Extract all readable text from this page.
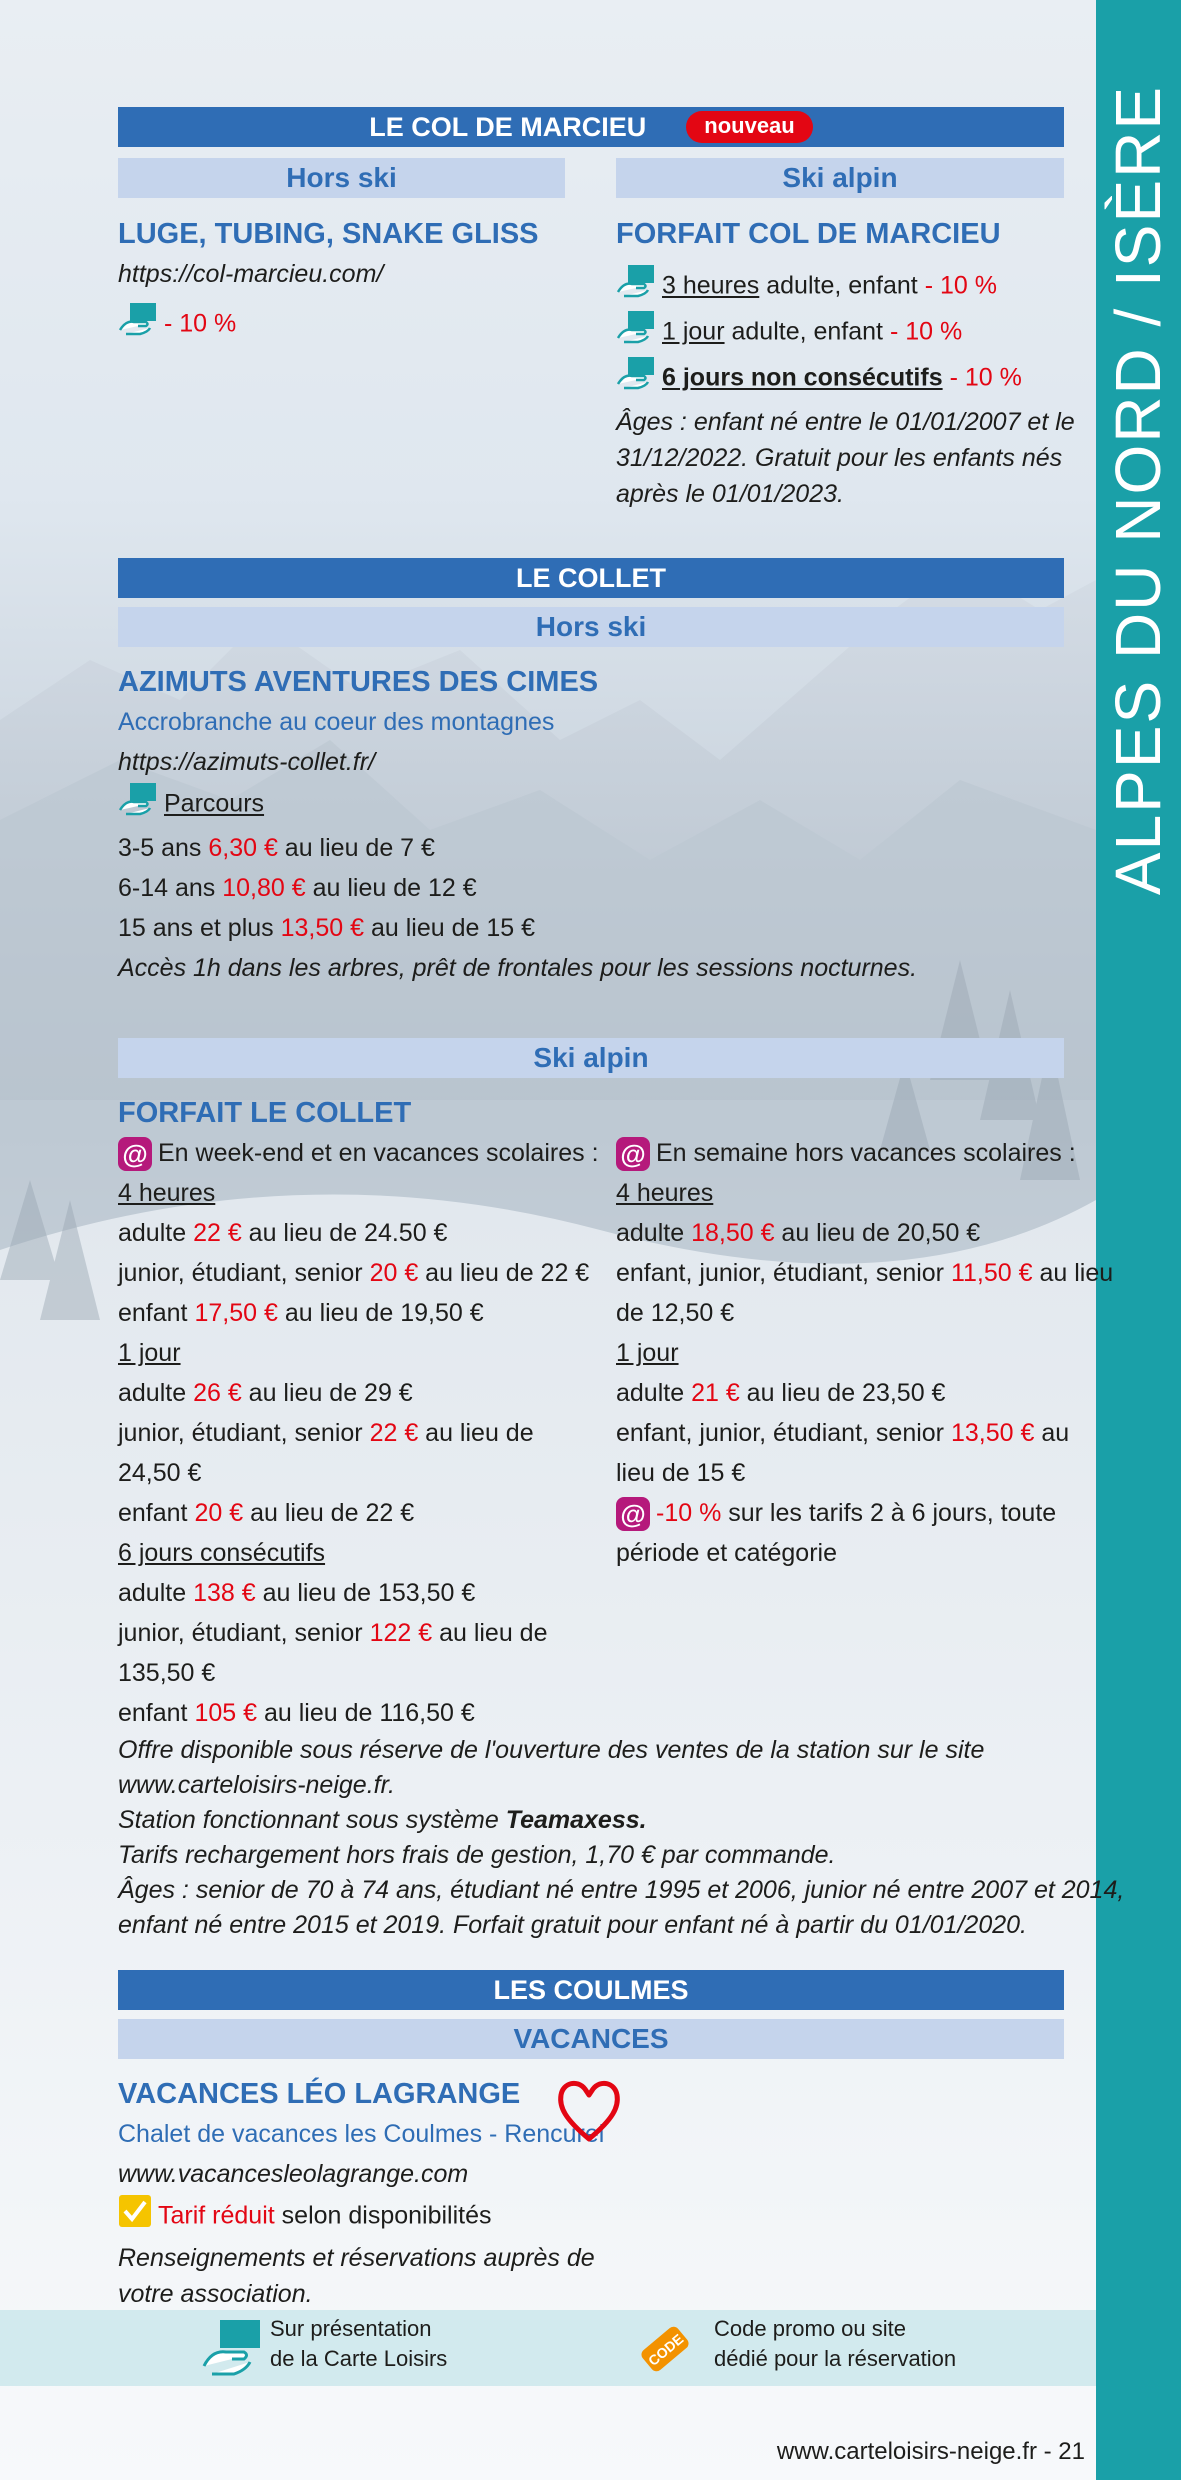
LE COL DE MARCIEU	nouveau
Hors ski	Ski alpin
LUGE, TUBING, SNAKE GLISS
https://col-marcieu.com/
- 10 %
FORFAIT COL DE MARCIEU
3 heures adulte, enfant - 10 %
1 jour adulte, enfant - 10 %
6 jours non consécutifs - 10 %
Âges : enfant né entre le 01/01/2007 et le
31/12/2022. Gratuit pour les enfants nés
après le 01/01/2023.
LE COLLET
Hors ski
AZIMUTS AVENTURES DES CIMES
Accrobranche au coeur des montagnes
https://azimuts-collet.fr/
Parcours
3-5 ans 6,30 € au lieu de 7 €
6-14 ans 10,80 € au lieu de 12 €
15 ans et plus 13,50 € au lieu de 15 €
Accès 1h dans les arbres, prêt de frontales pour les sessions nocturnes.
Ski alpin
FORFAIT LE COLLET
@ En week-end et en vacances scolaires :
4 heures
adulte 22 € au lieu de 24.50 €
junior, étudiant, senior 20 € au lieu de 22 €
enfant 17,50 € au lieu de 19,50 €
1 jour
adulte 26 € au lieu de 29 €
junior, étudiant, senior 22 € au lieu de
24,50 €
enfant 20 € au lieu de 22 €
6 jours consécutifs
adulte 138 € au lieu de 153,50 €
junior, étudiant, senior 122 € au lieu de
135,50 €
enfant 105 € au lieu de 116,50 €
@ En semaine hors vacances scolaires :
4 heures
adulte 18,50 € au lieu de 20,50 €
enfant, junior, étudiant, senior 11,50 € au lieu
de 12,50 €
1 jour
adulte 21 € au lieu de 23,50 €
enfant, junior, étudiant, senior 13,50 € au
lieu de 15 €
@ -10 % sur les tarifs 2 à 6 jours, toute
période et catégorie
Offre disponible sous réserve de l'ouverture des ventes de la station sur le site
www.carteloisirs-neige.fr.
Station fonctionnant sous système Teamaxess.
Tarifs rechargement hors frais de gestion, 1,70 € par commande.
Âges : senior de 70 à 74 ans, étudiant né entre 1995 et 2006, junior né entre 2007 et 2014,
enfant né entre 2015 et 2019. Forfait gratuit pour enfant né à partir du 01/01/2020.
LES COULMES
VACANCES
VACANCES LÉO LAGRANGE
Chalet de vacances les Coulmes - Rencurel
www.vacancesleolagrange.com
Tarif réduit selon disponibilités
Renseignements et réservations auprès de
votre association.
Sur présentation
de la Carte Loisirs	CODE
Code promo ou site
dédié pour la réservation
www.carteloisirs-neige.fr - 21
ALPES DU NORD / ISÈRE
